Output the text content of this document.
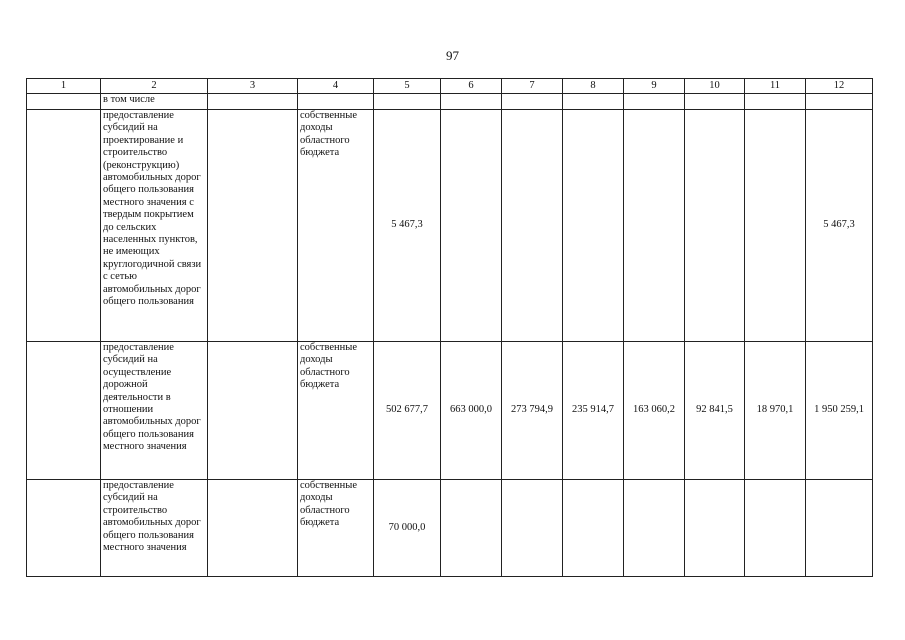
97
1	2	3	4	5	6	7	8	9	10	11	12
	в том числе										
	предоставление субсидий на проектирование и строительство (реконструкцию) автомобильных дорог общего пользования местного значения с твердым покрытием до сельских населенных пунктов, не имеющих круглогодичной связи с сетью автомобильных дорог общего пользования		собственные доходы областного бюджета	5 467,3							5 467,3
	предоставление субсидий на осуществление дорожной деятельности в отношении автомобильных дорог общего пользования местного значения		собственные доходы областного бюджета	502 677,7	663 000,0	273 794,9	235 914,7	163 060,2	92 841,5	18 970,1	1 950 259,1
	предоставление субсидий на строительство автомобильных дорог общего пользования местного значения		собственные доходы областного бюджета	70 000,0							
